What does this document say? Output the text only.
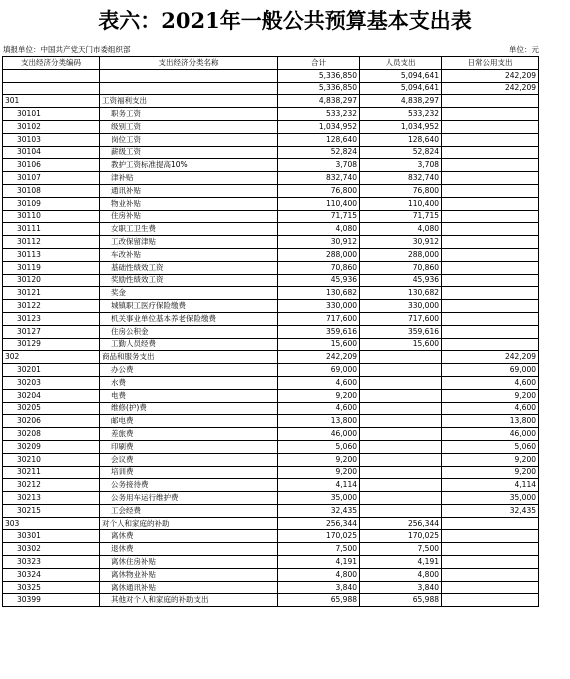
表六：2021年一般公共预算基本支出表
填报单位：中国共产党天门市委组织部	单位：元
支出经济分类编码	支出经济分类名称	合计	人员支出	日常公用支出
		5,336,850	5,094,641	242,209
		5,336,850	5,094,641	242,209
301	工资福利支出	4,838,297	4,838,297	
30101	职务工资	533,232	533,232	
30102	级别工资	1,034,952	1,034,952	
30103	岗位工资	128,640	128,640	
30104	薪级工资	52,824	52,824	
30106	教护工资标准提高10%	3,708	3,708	
30107	津补贴	832,740	832,740	
30108	通讯补贴	76,800	76,800	
30109	物业补贴	110,400	110,400	
30110	住房补贴	71,715	71,715	
30111	女职工卫生费	4,080	4,080	
30112	工改保留津贴	30,912	30,912	
30113	车改补贴	288,000	288,000	
30119	基础性绩效工资	70,860	70,860	
30120	奖励性绩效工资	45,936	45,936	
30121	奖金	130,682	130,682	
30122	城镇职工医疗保险缴费	330,000	330,000	
30123	机关事业单位基本养老保险缴费	717,600	717,600	
30127	住房公积金	359,616	359,616	
30129	工勤人员经费	15,600	15,600	
302	商品和服务支出	242,209		242,209
30201	办公费	69,000		69,000
30203	水费	4,600		4,600
30204	电费	9,200		9,200
30205	维修(护)费	4,600		4,600
30206	邮电费	13,800		13,800
30208	差旅费	46,000		46,000
30209	印刷费	5,060		5,060
30210	会议费	9,200		9,200
30211	培训费	9,200		9,200
30212	公务接待费	4,114		4,114
30213	公务用车运行维护费	35,000		35,000
30215	工会经费	32,435		32,435
303	对个人和家庭的补助	256,344	256,344	
30301	离休费	170,025	170,025	
30302	退休费	7,500	7,500	
30323	离休住房补贴	4,191	4,191	
30324	离休物业补贴	4,800	4,800	
30325	离休通讯补贴	3,840	3,840	
30399	其他对个人和家庭的补助支出	65,988	65,988	
